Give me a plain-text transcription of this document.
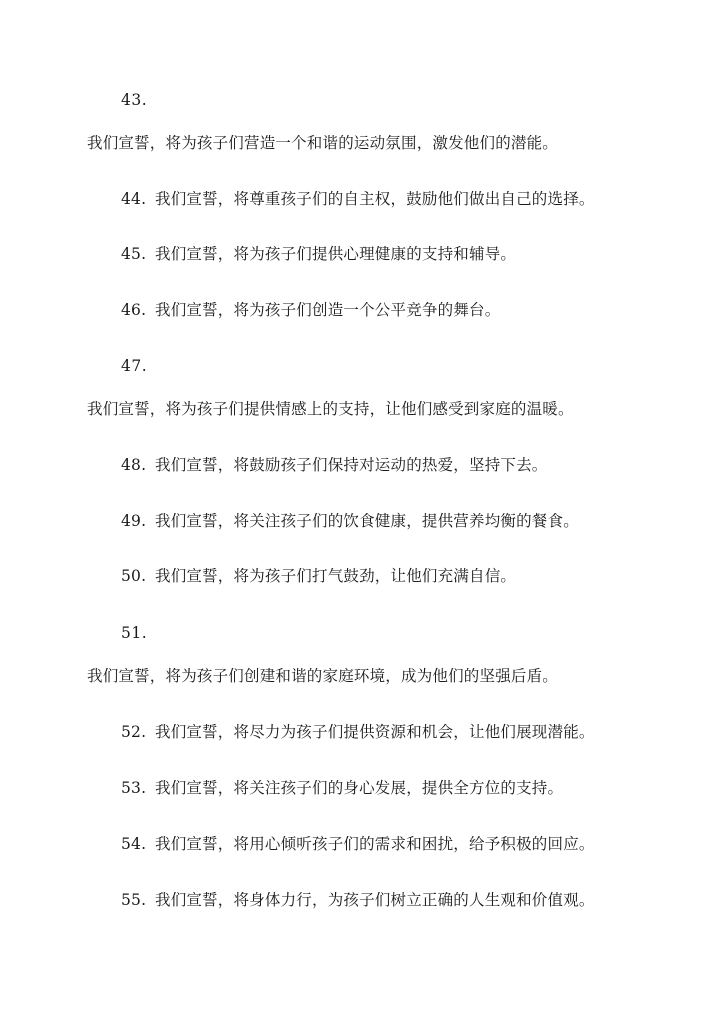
43.
我们宣誓，将为孩子们营造一个和谐的运动氛围，激发他们的潜能。
44. 我们宣誓，将尊重孩子们的自主权，鼓励他们做出自己的选择。
45. 我们宣誓，将为孩子们提供心理健康的支持和辅导。
46. 我们宣誓，将为孩子们创造一个公平竞争的舞台。
47.
我们宣誓，将为孩子们提供情感上的支持，让他们感受到家庭的温暖。
48. 我们宣誓，将鼓励孩子们保持对运动的热爱，坚持下去。
49. 我们宣誓，将关注孩子们的饮食健康，提供营养均衡的餐食。
50. 我们宣誓，将为孩子们打气鼓劲，让他们充满自信。
51.
我们宣誓，将为孩子们创建和谐的家庭环境，成为他们的坚强后盾。
52. 我们宣誓，将尽力为孩子们提供资源和机会，让他们展现潜能。
53. 我们宣誓，将关注孩子们的身心发展，提供全方位的支持。
54. 我们宣誓，将用心倾听孩子们的需求和困扰，给予积极的回应。
55. 我们宣誓，将身体力行，为孩子们树立正确的人生观和价值观。
